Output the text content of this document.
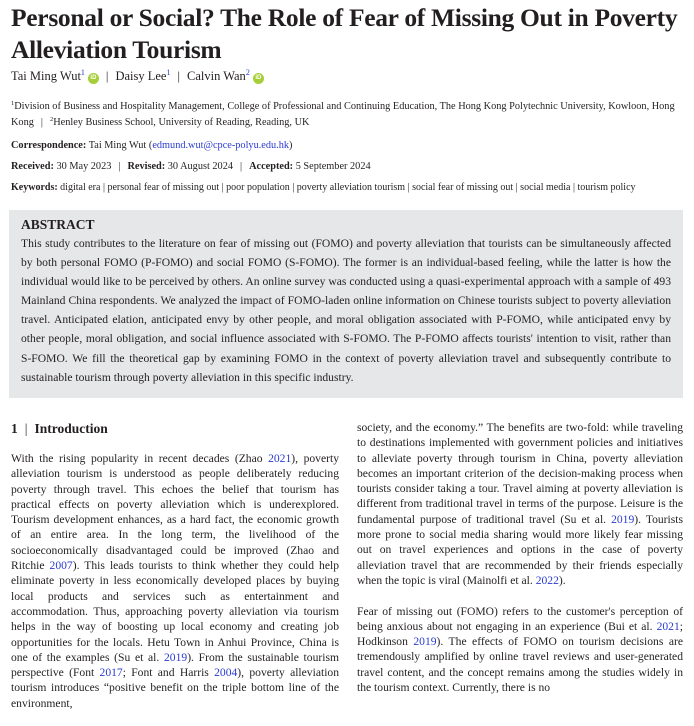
Personal or Social? The Role of Fear of Missing Out in Poverty Alleviation Tourism
Tai Ming Wut$^1$iD | Daisy Lee$^1$ | Calvin Wan$^2$iD
$^1$Division of Business and Hospitality Management, College of Professional and Continuing Education, The Hong Kong Polytechnic University, Kowloon, Hong Kong | $^2$Henley Business School, University of Reading, Reading, UK
Correspondence: Tai Ming Wut (edmund.wut@cpce-polyu.edu.hk)
Received: 30 May 2023 | Revised: 30 August 2024 | Accepted: 5 September 2024
Keywords: digital era | personal fear of missing out | poor population | poverty alleviation tourism | social fear of missing out | social media | tourism policy
ABSTRACT

This study contributes to the literature on fear of missing out (FOMO) and poverty alleviation that tourists can be simultaneously affected by both personal FOMO (P-FOMO) and social FOMO (S-FOMO). The former is an individual-based feeling, while the latter is how the individual would like to be perceived by others. An online survey was conducted using a quasi-experimental approach with a sample of 493 Mainland China respondents. We analyzed the impact of FOMO-laden online information on Chinese tourists subject to poverty alleviation travel. Anticipated elation, anticipated envy by other people, and moral obligation associated with P-FOMO, while anticipated envy by other people, moral obligation, and social influence associated with S-FOMO. The P-FOMO affects tourists' intention to visit, rather than S-FOMO. We fill the theoretical gap by examining FOMO in the context of poverty alleviation travel and subsequently contribute to sustainable tourism through poverty alleviation in this specific industry.

1 | Introduction

With the rising popularity in recent decades (Zhao 2021), poverty alleviation tourism is understood as people deliberately reducing poverty through travel. This echoes the belief that tourism has practical effects on poverty alleviation which is underexplored. Tourism development enhances, as a hard fact, the economic growth of an entire area. In the long term, the livelihood of the socioeconomically disadvantaged could be improved (Zhao and Ritchie 2007). This leads tourists to think whether they could help eliminate poverty in less economically developed places by buying local products and services such as entertainment and accommodation. Thus, approaching poverty alleviation via tourism helps in the way of boosting up local economy and creating job opportunities for the locals. Hetu Town in Anhui Province, China is one of the examples (Su et al. 2019). From the sustainable tourism perspective (Font 2017; Font and Harris 2004), poverty alleviation tourism introduces “positive benefit on the triple bottom line of the environment,

society, and the economy.” The benefits are two-fold: while traveling to destinations implemented with government policies and initiatives to alleviate poverty through tourism in China, poverty alleviation becomes an important criterion of the decision-making process when tourists consider taking a tour. Travel aiming at poverty alleviation is different from traditional travel in terms of the purpose. Leisure is the fundamental purpose of traditional travel (Su et al. 2019). Tourists more prone to social media sharing would more likely fear missing out on travel experiences and options in the case of poverty alleviation travel that are recommended by their friends especially when the topic is viral (Mainolfi et al. 2022).

Fear of missing out (FOMO) refers to the customer's perception of being anxious about not engaging in an experience (Bui et al. 2021; Hodkinson 2019). The effects of FOMO on tourism decisions are tremendously amplified by online travel reviews and user-generated travel content, and the concept remains among the studies widely in the tourism context. Currently, there is no
